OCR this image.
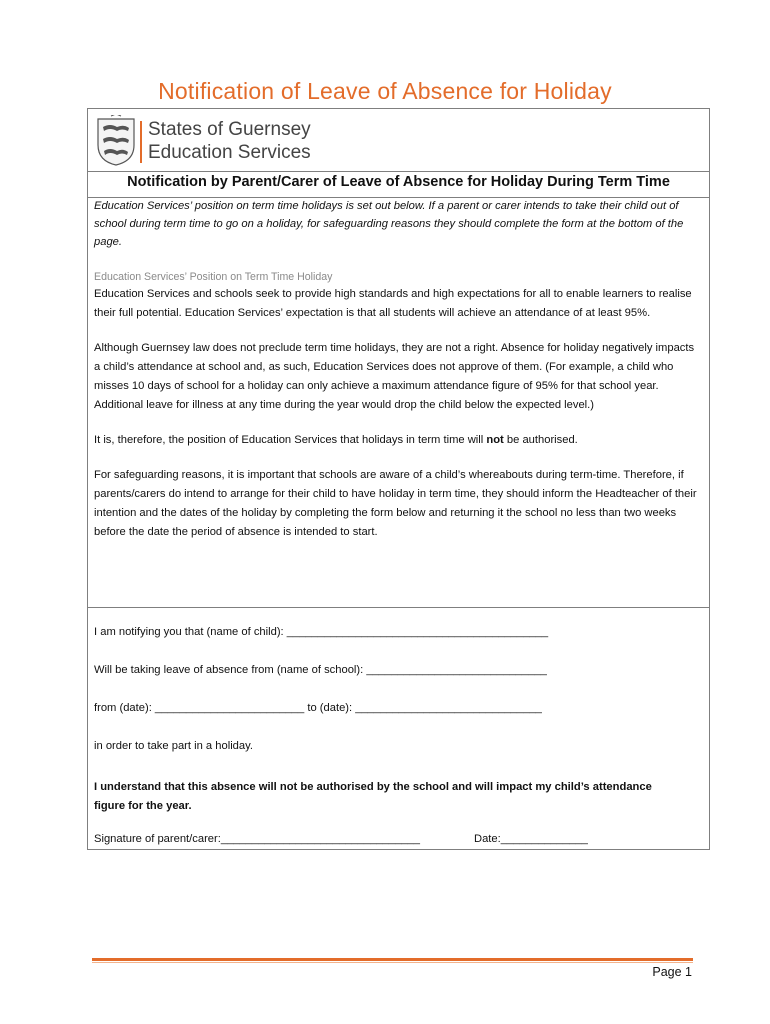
Notification of Leave of Absence for Holiday
States of Guernsey
Education Services
Notification by Parent/Carer of Leave of Absence for Holiday During Term Time

Education Services’ position on term time holidays is set out below. If a parent or carer intends to take their child out of school during term time to go on a holiday, for safeguarding reasons they should complete the form at the bottom of the page.

Education Services’ Position on Term Time Holiday

Education Services and schools seek to provide high standards and high expectations for all to enable learners to realise their full potential. Education Services’ expectation is that all students will achieve an attendance of at least 95%.

Although Guernsey law does not preclude term time holidays, they are not a right. Absence for holiday negatively impacts a child’s attendance at school and, as such, Education Services does not approve of them. (For example, a child who misses 10 days of school for a holiday can only achieve a maximum attendance figure of 95% for that school year. Additional leave for illness at any time during the year would drop the child below the expected level.)

It is, therefore, the position of Education Services that holidays in term time will not be authorised.

For safeguarding reasons, it is important that schools are aware of a child’s whereabouts during term-time. Therefore, if parents/carers do intend to arrange for their child to have holiday in term time, they should inform the Headteacher of their intention and the dates of the holiday by completing the form below and returning it the school no less than two weeks before the date the period of absence is intended to start.

I am notifying you that (name of child): __________________________________________
Will be taking leave of absence from (name of school): _____________________________
from (date): ________________________ to (date): ______________________________
in order to take part in a holiday.
I understand that this absence will not be authorised by the school and will impact my child’s attendance figure for the year.
Signature of parent/carer:________________________________	Date:______________
Page 1
